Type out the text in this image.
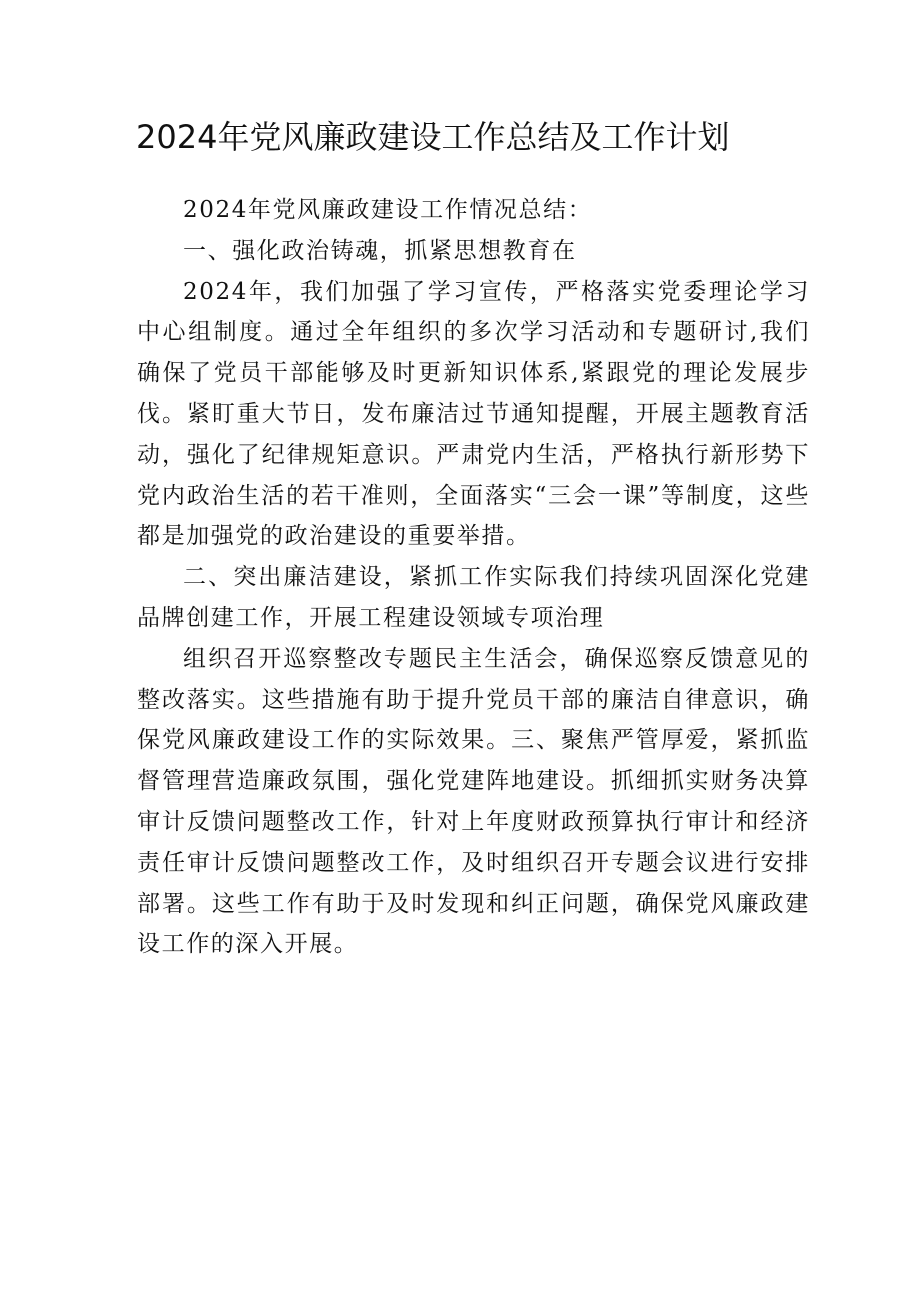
2024年党风廉政建设工作总结及工作计划

2024年党风廉政建设工作情况总结：

一、强化政治铸魂，抓紧思想教育在

2024年，我们加强了学习宣传，严格落实党委理论学习中心组制度。通过全年组织的多次学习活动和专题研讨,我们确保了党员干部能够及时更新知识体系,紧跟党的理论发展步伐。紧盯重大节日，发布廉洁过节通知提醒，开展主题教育活动，强化了纪律规矩意识。严肃党内生活，严格执行新形势下党内政治生活的若干准则，全面落实“三会一课”等制度，这些都是加强党的政治建设的重要举措。

二、突出廉洁建设，紧抓工作实际我们持续巩固深化党建品牌创建工作，开展工程建设领域专项治理

组织召开巡察整改专题民主生活会，确保巡察反馈意见的整改落实。这些措施有助于提升党员干部的廉洁自律意识，确保党风廉政建设工作的实际效果。三、聚焦严管厚爱，紧抓监督管理营造廉政氛围，强化党建阵地建设。抓细抓实财务决算审计反馈问题整改工作，针对上年度财政预算执行审计和经济责任审计反馈问题整改工作，及时组织召开专题会议进行安排部署。这些工作有助于及时发现和纠正问题，确保党风廉政建设工作的深入开展。
